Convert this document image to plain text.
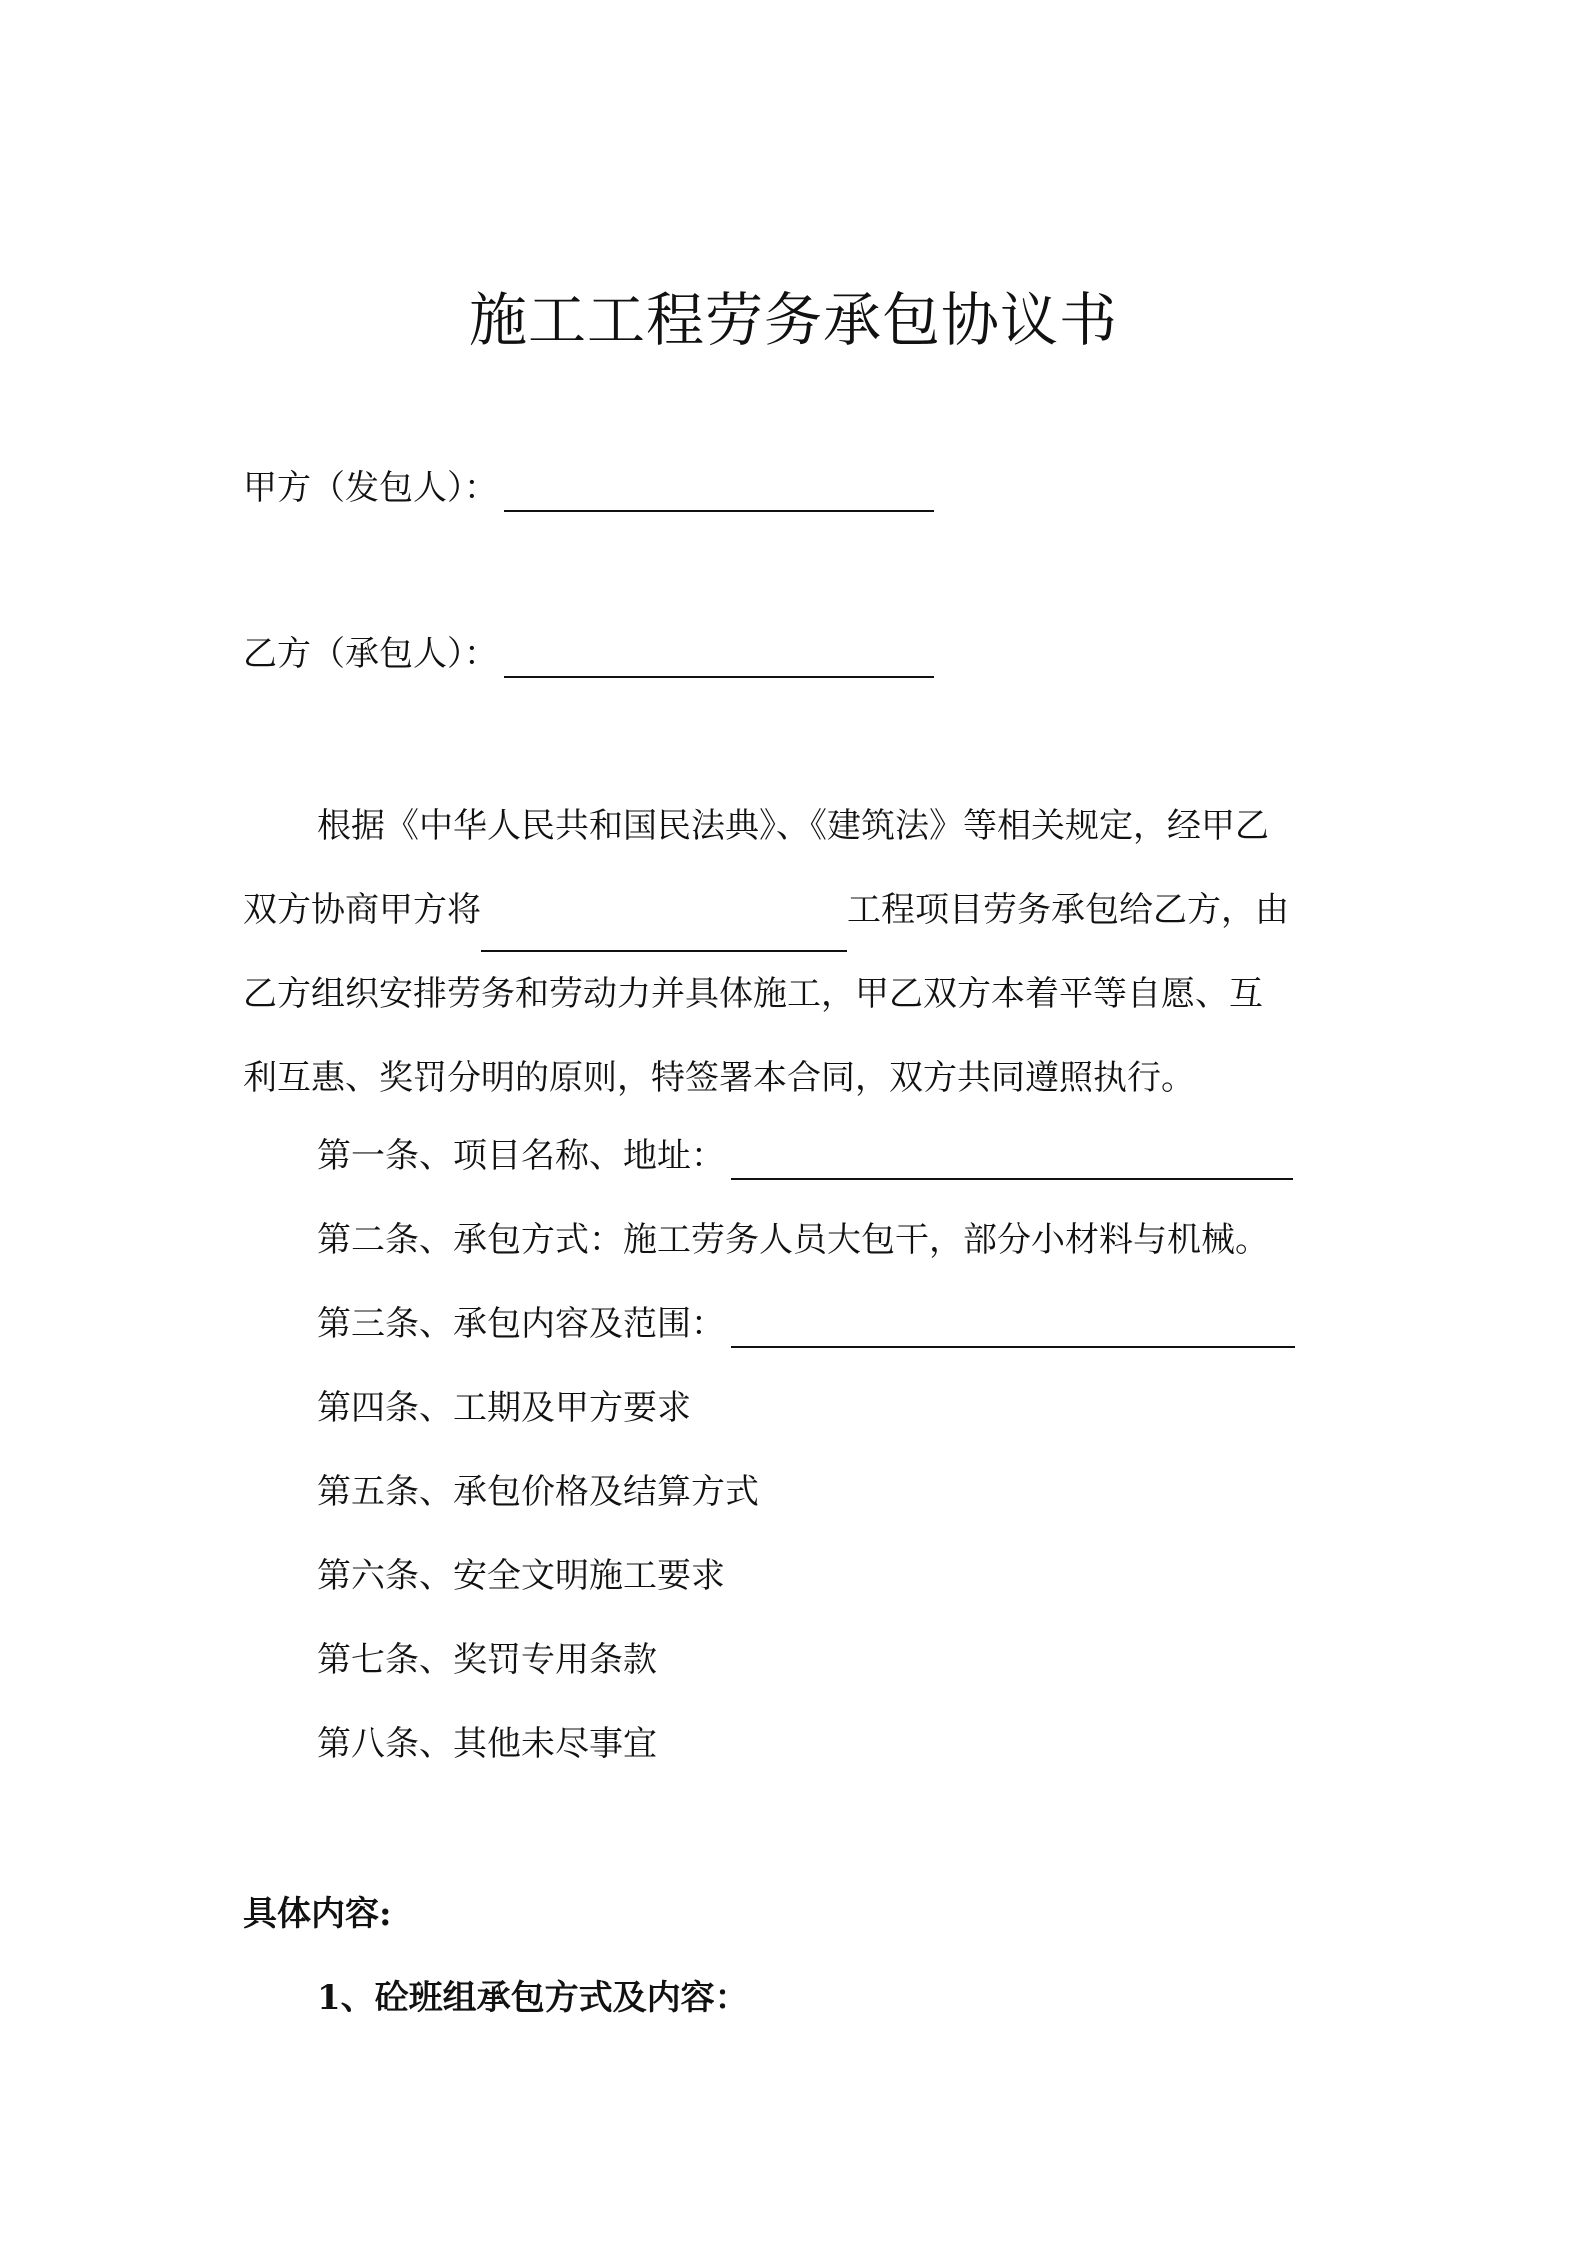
施工工程劳务承包协议书
甲方（发包人）：
乙方（承包人）：
根据《中华人民共和国民法典》、《建筑法》等相关规定，经甲乙
双方协商甲方将	工程项目劳务承包给乙方，由
乙方组织安排劳务和劳动力并具体施工，甲乙双方本着平等自愿、互
利互惠、奖罚分明的原则，特签署本合同，双方共同遵照执行。
第一条、项目名称、地址：
第二条、承包方式：施工劳务人员大包干，部分小材料与机械。
第三条、承包内容及范围：
第四条、工期及甲方要求
第五条、承包价格及结算方式
第六条、安全文明施工要求
第七条、奖罚专用条款
第八条、其他未尽事宜
具体内容:
1、砼班组承包方式及内容：
